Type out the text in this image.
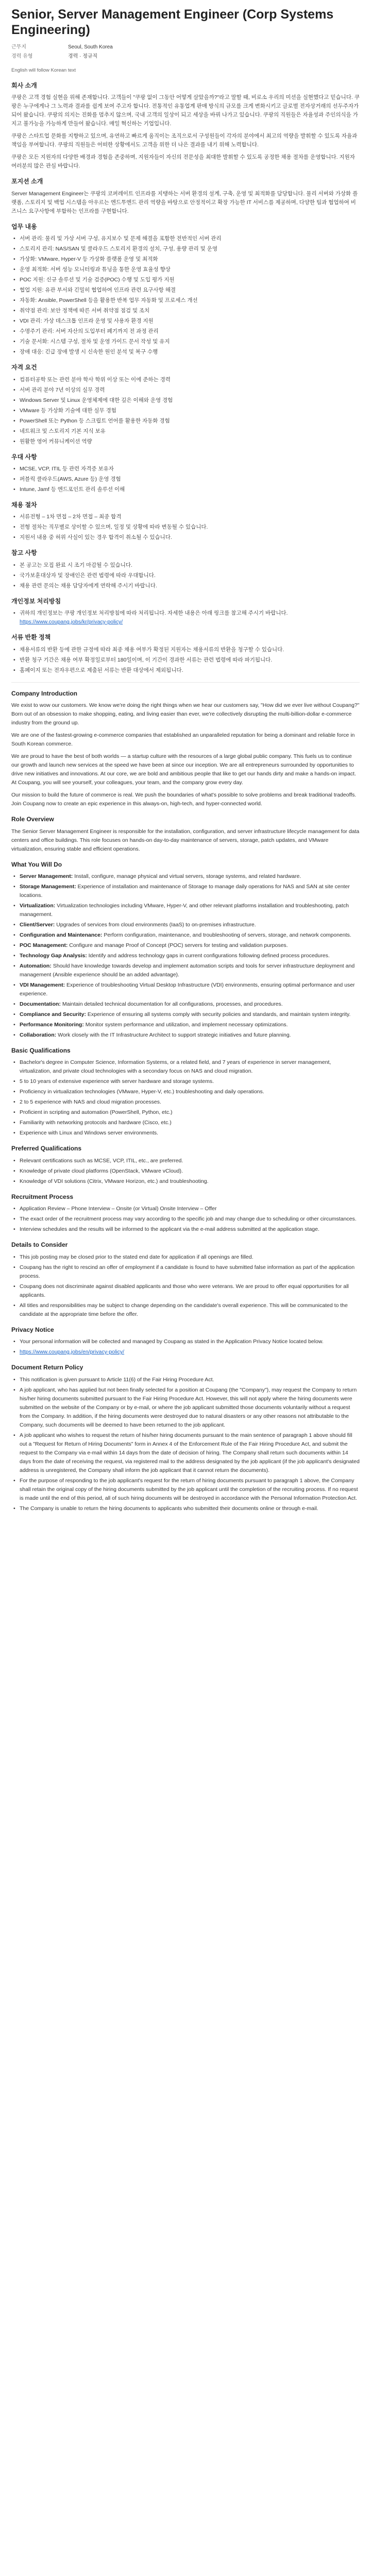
Senior, Server Management Engineer (Corp Systems Engineering)
근무지	Seoul, South Korea
경력 유형	경력 · 정규직
English will follow Korean text
회사 소개

쿠팡은 고객 경험 실현을 위해 존재합니다. 고객들이 "쿠팡 없이 그동안 어떻게 살았을까?"라고 말할 때, 비로소 우리의 미션을 실현했다고 믿습니다. 쿠팡은 누구에게나 그 노력과 결과를 쉽게 보여 주고자 합니다. 전통적인 유통업계 판매 방식의 규모를 크게 변화시키고 글로벌 전자상거래의 선두주자가 되어 왔습니다. 쿠팡의 의지는 진화를 멈추지 않으며, 국내 고객의 일상이 되고 세상을 바꿔 나가고 있습니다. 쿠팡의 직원들은 자율성과 주인의식을 가지고 불가능을 가능하게 만들어 왔습니다. 매일 혁신하는 기업입니다.

쿠팡은 스타트업 문화를 지향하고 있으며, 유연하고 빠르게 움직이는 조직으로서 구성원들이 각자의 분야에서 최고의 역량을 발휘할 수 있도록 자율과 책임을 부여합니다. 쿠팡의 직원들은 어떠한 상황에서도 고객을 위한 더 나은 결과를 내기 위해 노력합니다.

쿠팡은 모든 지원자의 다양한 배경과 경험을 존중하며, 지원자들이 자신의 전문성을 최대한 발휘할 수 있도록 공정한 채용 절차를 운영합니다. 지원자 여러분의 많은 관심 바랍니다.

포지션 소개

Server Management Engineer는 쿠팡의 코퍼레이트 인프라를 지탱하는 서버 환경의 설계, 구축, 운영 및 최적화를 담당합니다. 물리 서버와 가상화 플랫폼, 스토리지 및 백업 시스템을 아우르는 엔드투엔드 관리 역량을 바탕으로 안정적이고 확장 가능한 IT 서비스를 제공하며, 다양한 팀과 협업하여 비즈니스 요구사항에 부합하는 인프라를 구현합니다.

업무 내용
• 서버 관리: 물리 및 가상 서버 구성, 유지보수 및 문제 해결을 포함한 전반적인 서버 관리
• 스토리지 관리: NAS/SAN 및 클라우드 스토리지 환경의 설치, 구성, 용량 관리 및 운영
• 가상화: VMware, Hyper-V 등 가상화 플랫폼 운영 및 최적화
• 운영 최적화: 서버 성능 모니터링과 튜닝을 통한 운영 효율성 향상
• POC 지원: 신규 솔루션 및 기술 검증(POC) 수행 및 도입 평가 지원
• 협업 지원: 유관 부서와 긴밀히 협업하여 인프라 관련 요구사항 해결
• 자동화: Ansible, PowerShell 등을 활용한 반복 업무 자동화 및 프로세스 개선
• 취약점 관리: 보안 정책에 따른 서버 취약점 점검 및 조치
• VDI 관리: 가상 데스크톱 인프라 운영 및 사용자 환경 지원
• 수명주기 관리: 서버 자산의 도입부터 폐기까지 전 과정 관리
• 기술 문서화: 시스템 구성, 절차 및 운영 가이드 문서 작성 및 유지
• 장애 대응: 긴급 장애 발생 시 신속한 원인 분석 및 복구 수행
자격 요건
• 컴퓨터공학 또는 관련 분야 학사 학위 이상 또는 이에 준하는 경력
• 서버 관리 분야 7년 이상의 실무 경력
• Windows Server 및 Linux 운영체제에 대한 깊은 이해와 운영 경험
• VMware 등 가상화 기술에 대한 실무 경험
• PowerShell 또는 Python 등 스크립트 언어를 활용한 자동화 경험
• 네트워크 및 스토리지 기본 지식 보유
• 원활한 영어 커뮤니케이션 역량
우대 사항
• MCSE, VCP, ITIL 등 관련 자격증 보유자
• 퍼블릭 클라우드(AWS, Azure 등) 운영 경험
• Intune, Jamf 등 엔드포인트 관리 솔루션 이해
채용 절차
• 서류전형 – 1차 면접 – 2차 면접 – 최종 합격
• 전형 절차는 직무별로 상이할 수 있으며, 일정 및 상황에 따라 변동될 수 있습니다.
• 지원서 내용 중 허위 사실이 있는 경우 합격이 취소될 수 있습니다.
참고 사항
• 본 공고는 모집 완료 시 조기 마감될 수 있습니다.
• 국가보훈대상자 및 장애인은 관련 법령에 따라 우대합니다.
• 채용 관련 문의는 채용 담당자에게 연락해 주시기 바랍니다.
개인정보 처리방침
• 귀하의 개인정보는 쿠팡 개인정보 처리방침에 따라 처리됩니다. 자세한 내용은 아래 링크를 참고해 주시기 바랍니다. https://www.coupang.jobs/kr/privacy-policy/
서류 반환 정책
• 채용서류의 반환 등에 관한 규정에 따라 최종 채용 여부가 확정된 지원자는 채용서류의 반환을 청구할 수 있습니다.
• 반환 청구 기간은 채용 여부 확정일로부터 180일이며, 이 기간이 경과한 서류는 관련 법령에 따라 파기됩니다.
• 홈페이지 또는 전자우편으로 제출된 서류는 반환 대상에서 제외됩니다.
Company Introduction

We exist to wow our customers. We know we're doing the right things when we hear our customers say, "How did we ever live without Coupang?" Born out of an obsession to make shopping, eating, and living easier than ever, we're collectively disrupting the multi-billion-dollar e-commerce industry from the ground up.

We are one of the fastest-growing e-commerce companies that established an unparalleled reputation for being a dominant and reliable force in South Korean commerce.

We are proud to have the best of both worlds — a startup culture with the resources of a large global public company. This fuels us to continue our growth and launch new services at the speed we have been at since our inception. We are all entrepreneurs surrounded by opportunities to drive new initiatives and innovations. At our core, we are bold and ambitious people that like to get our hands dirty and make a hands-on impact. At Coupang, you will see yourself, your colleagues, your team, and the company grow every day.

Our mission to build the future of commerce is real. We push the boundaries of what's possible to solve problems and break traditional tradeoffs. Join Coupang now to create an epic experience in this always-on, high-tech, and hyper-connected world.

Role Overview

The Senior Server Management Engineer is responsible for the installation, configuration, and server infrastructure lifecycle management for data centers and office buildings. This role focuses on hands-on day-to-day maintenance of servers, storage, patch updates, and VMware virtualization, ensuring stable and efficient operations.

What You Will Do
• Server Management: Install, configure, manage physical and virtual servers, storage systems, and related hardware.
• Storage Management: Experience of installation and maintenance of Storage to manage daily operations for NAS and SAN at site center locations.
• Virtualization: Virtualization technologies including VMware, Hyper-V, and other relevant platforms installation and troubleshooting, patch management.
• Client/Server: Upgrades of services from cloud environments (IaaS) to on-premises infrastructure.
• Configuration and Maintenance: Perform configuration, maintenance, and troubleshooting of servers, storage, and network components.
• POC Management: Configure and manage Proof of Concept (POC) servers for testing and validation purposes.
• Technology Gap Analysis: Identify and address technology gaps in current configurations following defined process procedures.
• Automation: Should have knowledge towards develop and implement automation scripts and tools for server infrastructure deployment and management (Ansible experience should be an added advantage).
• VDI Management: Experience of troubleshooting Virtual Desktop Infrastructure (VDI) environments, ensuring optimal performance and user experience.
• Documentation: Maintain detailed technical documentation for all configurations, processes, and procedures.
• Compliance and Security: Experience of ensuring all systems comply with security policies and standards, and maintain system integrity.
• Performance Monitoring: Monitor system performance and utilization, and implement necessary optimizations.
• Collaboration: Work closely with the IT Infrastructure Architect to support strategic initiatives and future planning.
Basic Qualifications
• Bachelor's degree in Computer Science, Information Systems, or a related field, and 7 years of experience in server management, virtualization, and private cloud technologies with a secondary focus on NAS and cloud migration.
• 5 to 10 years of extensive experience with server hardware and storage systems.
• Proficiency in virtualization technologies (VMware, Hyper-V, etc.) troubleshooting and daily operations.
• 2 to 5 experience with NAS and cloud migration processes.
• Proficient in scripting and automation (PowerShell, Python, etc.)
• Familiarity with networking protocols and hardware (Cisco, etc.)
• Experience with Linux and Windows server environments.
Preferred Qualifications
• Relevant certifications such as MCSE, VCP, ITIL, etc., are preferred.
• Knowledge of private cloud platforms (OpenStack, VMware vCloud).
• Knowledge of VDI solutions (Citrix, VMware Horizon, etc.) and troubleshooting.
Recruitment Process
• Application Review – Phone Interview – Onsite (or Virtual) Onsite Interview – Offer
• The exact order of the recruitment process may vary according to the specific job and may change due to scheduling or other circumstances.
• Interview schedules and the results will be informed to the applicant via the e-mail address submitted at the application stage.
Details to Consider
• This job posting may be closed prior to the stated end date for application if all openings are filled.
• Coupang has the right to rescind an offer of employment if a candidate is found to have submitted false information as part of the application process.
• Coupang does not discriminate against disabled applicants and those who were veterans. We are proud to offer equal opportunities for all applicants.
• All titles and responsibilities may be subject to change depending on the candidate's overall experience. This will be communicated to the candidate at the appropriate time before the offer.
Privacy Notice
• Your personal information will be collected and managed by Coupang as stated in the Application Privacy Notice located below.
• https://www.coupang.jobs/en/privacy-policy/
Document Return Policy
• This notification is given pursuant to Article 11(6) of the Fair Hiring Procedure Act.
• A job applicant, who has applied but not been finally selected for a position at Coupang (the "Company"), may request the Company to return his/her hiring documents submitted pursuant to the Fair Hiring Procedure Act. However, this will not apply where the hiring documents were submitted on the website of the Company or by e-mail, or where the job applicant submitted those documents voluntarily without a request from the Company. In addition, if the hiring documents were destroyed due to natural disasters or any other reasons not attributable to the Company, such documents will be deemed to have been returned to the job applicant.
• A job applicant who wishes to request the return of his/her hiring documents pursuant to the main sentence of paragraph 1 above should fill out a "Request for Return of Hiring Documents" form in Annex 4 of the Enforcement Rule of the Fair Hiring Procedure Act, and submit the request to the Company via e-mail within 14 days from the date of decision of hiring. The Company shall return such documents within 14 days from the date of receiving the request, via registered mail to the address designated by the job applicant (if the job applicant's designated address is unregistered, the Company shall inform the job applicant that it cannot return the documents).
• For the purpose of responding to the job applicant's request for the return of hiring documents pursuant to paragraph 1 above, the Company shall retain the original copy of the hiring documents submitted by the job applicant until the completion of the recruiting process. If no request is made until the end of this period, all of such hiring documents will be destroyed in accordance with the Personal Information Protection Act.
• The Company is unable to return the hiring documents to applicants who submitted their documents online or through e-mail.
